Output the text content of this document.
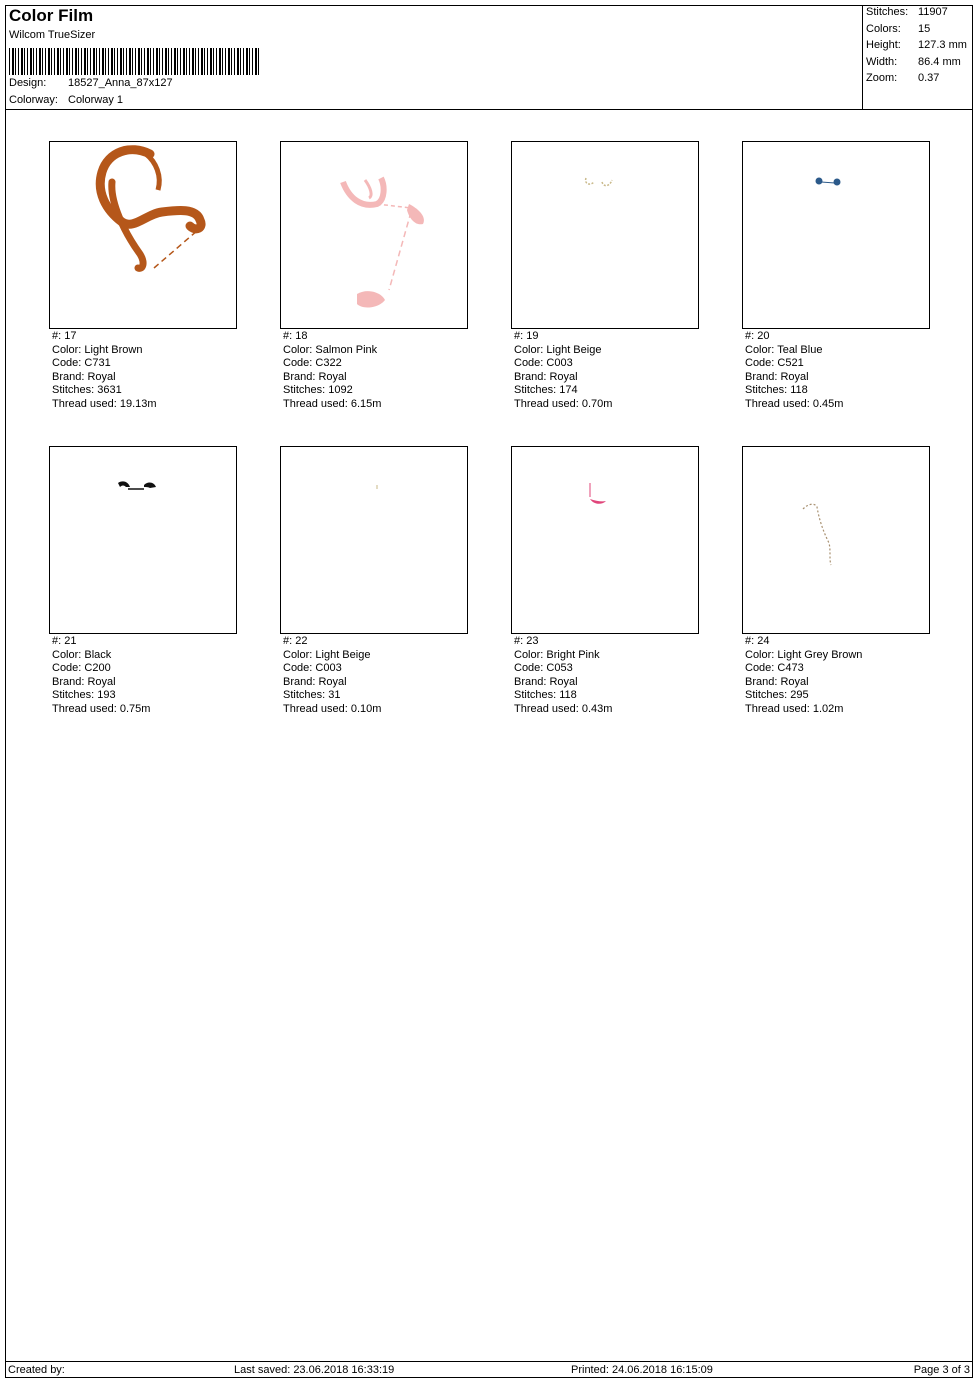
Color Film
Wilcom TrueSizer
Design: 18527_Anna_87x127
Colorway: Colorway 1
Stitches: 11907
Colors: 15
Height: 127.3 mm
Width: 86.4 mm
Zoom: 0.37
#: 17
Color: Light Brown
Code: C731
Brand: Royal
Stitches: 3631
Thread used: 19.13m
#: 18
Color: Salmon Pink
Code: C322
Brand: Royal
Stitches: 1092
Thread used: 6.15m
#: 19
Color: Light Beige
Code: C003
Brand: Royal
Stitches: 174
Thread used: 0.70m
#: 20
Color: Teal Blue
Code: C521
Brand: Royal
Stitches: 118
Thread used: 0.45m
#: 21
Color: Black
Code: C200
Brand: Royal
Stitches: 193
Thread used: 0.75m
#: 22
Color: Light Beige
Code: C003
Brand: Royal
Stitches: 31
Thread used: 0.10m
#: 23
Color: Bright Pink
Code: C053
Brand: Royal
Stitches: 118
Thread used: 0.43m
#: 24
Color: Light Grey Brown
Code: C473
Brand: Royal
Stitches: 295
Thread used: 1.02m
Created by:	Last saved: 23.06.2018 16:33:19	Printed: 24.06.2018 16:15:09	Page 3 of 3
